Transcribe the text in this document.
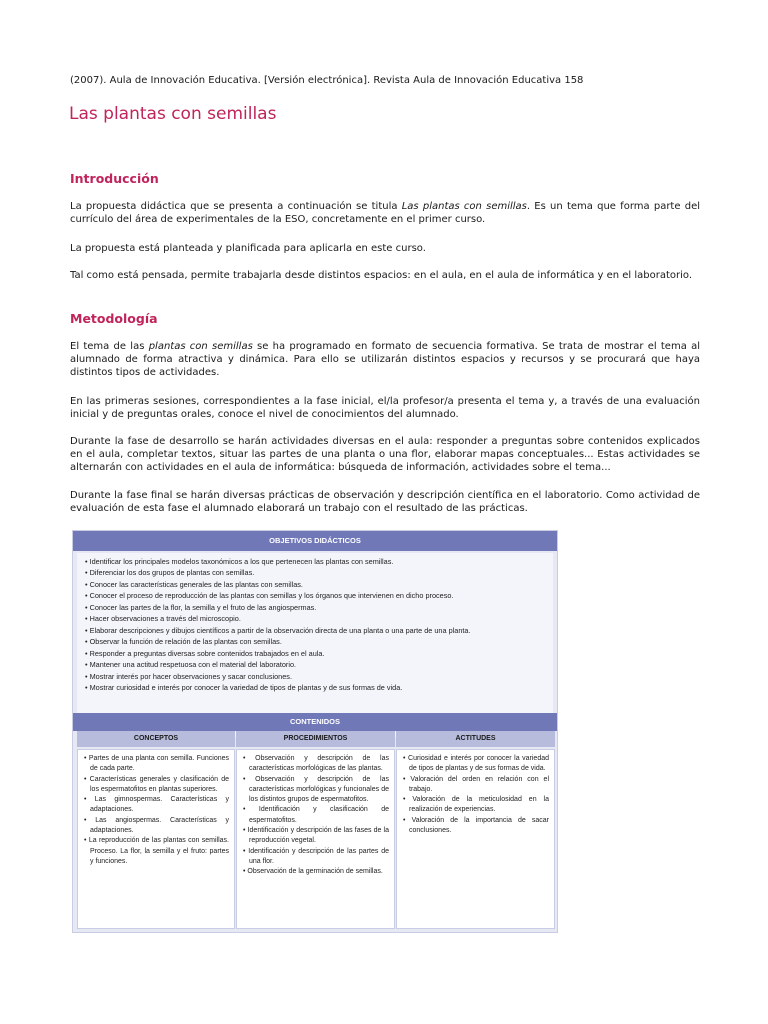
(2007). Aula de Innovación Educativa. [Versión electrónica]. Revista Aula de Innovación Educativa 158

Las plantas con semillas
Introducción

La propuesta didáctica que se presenta a continuación se titula Las plantas con semillas. Es un tema que forma parte del currículo del área de experimentales de la ESO, concretamente en el primer curso.

La propuesta está planteada y planificada para aplicarla en este curso.

Tal como está pensada, permite trabajarla desde distintos espacios: en el aula, en el aula de informática y en el laboratorio.

Metodología

El tema de las plantas con semillas se ha programado en formato de secuencia formativa. Se trata de mostrar el tema al alumnado de forma atractiva y dinámica. Para ello se utilizarán distintos espacios y recursos y se procurará que haya distintos tipos de actividades.

En las primeras sesiones, correspondientes a la fase inicial, el/la profesor/a presenta el tema y, a través de una evaluación inicial y de preguntas orales, conoce el nivel de conocimientos del alumnado.

Durante la fase de desarrollo se harán actividades diversas en el aula: responder a preguntas sobre contenidos explicados en el aula, completar textos, situar las partes de una planta o una flor, elaborar mapas conceptuales... Estas actividades se alternarán con actividades en el aula de informática: búsqueda de información, actividades sobre el tema...

Durante la fase final se harán diversas prácticas de observación y descripción científica en el laboratorio. Como actividad de evaluación de esta fase el alumnado elaborará un trabajo con el resultado de las prácticas.

OBJETIVOS DIDÁCTICOS
• Identificar los principales modelos taxonómicos a los que pertenecen las plantas con semillas.
• Diferenciar los dos grupos de plantas con semillas.
• Conocer las características generales de las plantas con semillas.
• Conocer el proceso de reproducción de las plantas con semillas y los órganos que intervienen en dicho proceso.
• Conocer las partes de la flor, la semilla y el fruto de las angiospermas.
• Hacer observaciones a través del microscopio.
• Elaborar descripciones y dibujos científicos a partir de la observación directa de una planta o una parte de una planta.
• Observar la función de relación de las plantas con semillas.
• Responder a preguntas diversas sobre contenidos trabajados en el aula.
• Mantener una actitud respetuosa con el material del laboratorio.
• Mostrar interés por hacer observaciones y sacar conclusiones.
• Mostrar curiosidad e interés por conocer la variedad de tipos de plantas y de sus formas de vida.
CONTENIDOS
CONCEPTOS	PROCEDIMIENTOS	ACTITUDES
• Partes de una planta con semilla. Funciones de cada parte.
• Características generales y clasificación de los espermatofitos en plantas superiores.
• Las gimnospermas. Características y adaptaciones.
• Las angiospermas. Características y adaptaciones.
• La reproducción de las plantas con semillas. Proceso. La flor, la semilla y el fruto: partes y funciones.
• Observación y descripción de las características morfológicas de las plantas.
• Observación y descripción de las características morfológicas y funcionales de los distintos grupos de espermatofitos.
• Identificación y clasificación de espermatofitos.
• Identificación y descripción de las fases de la reproducción vegetal.
• Identificación y descripción de las partes de una flor.
• Observación de la germinación de semillas.
• Curiosidad e interés por conocer la variedad de tipos de plantas y de sus formas de vida.
• Valoración del orden en relación con el trabajo.
• Valoración de la meticulosidad en la realización de experiencias.
• Valoración de la importancia de sacar conclusiones.
